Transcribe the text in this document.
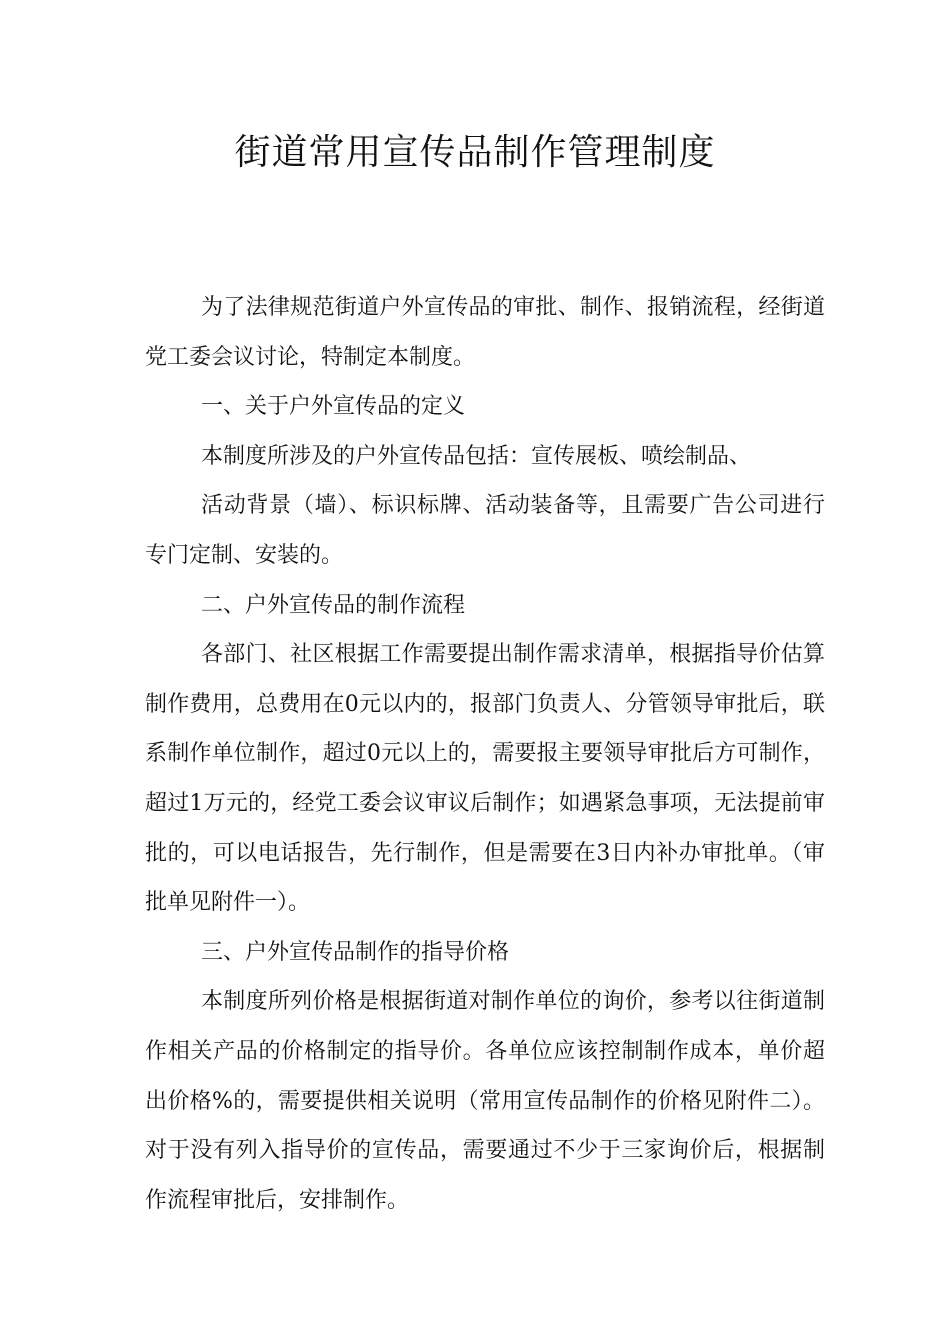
街道常用宣传品制作管理制度

为了法律规范街道户外宣传品的审批、制作、报销流程，经街道党工委会议讨论，特制定本制度。

一、关于户外宣传品的定义

本制度所涉及的户外宣传品包括：宣传展板、喷绘制品、

活动背景（墙）、标识标牌、活动装备等，且需要广告公司进行专门定制、安装的。

二、户外宣传品的制作流程

各部门、社区根据工作需要提出制作需求清单，根据指导价估算制作费用，总费用在0元以内的，报部门负责人、分管领导审批后，联系制作单位制作，超过0元以上的，需要报主要领导审批后方可制作，超过1万元的，经党工委会议审议后制作；如遇紧急事项，无法提前审批的，可以电话报告，先行制作，但是需要在3日内补办审批单。（审批单见附件一）。

三、户外宣传品制作的指导价格

本制度所列价格是根据街道对制作单位的询价，参考以往街道制作相关产品的价格制定的指导价。各单位应该控制制作成本，单价超出价格%的，需要提供相关说明（常用宣传品制作的价格见附件二）。对于没有列入指导价的宣传品，需要通过不少于三家询价后，根据制作流程审批后，安排制作。
